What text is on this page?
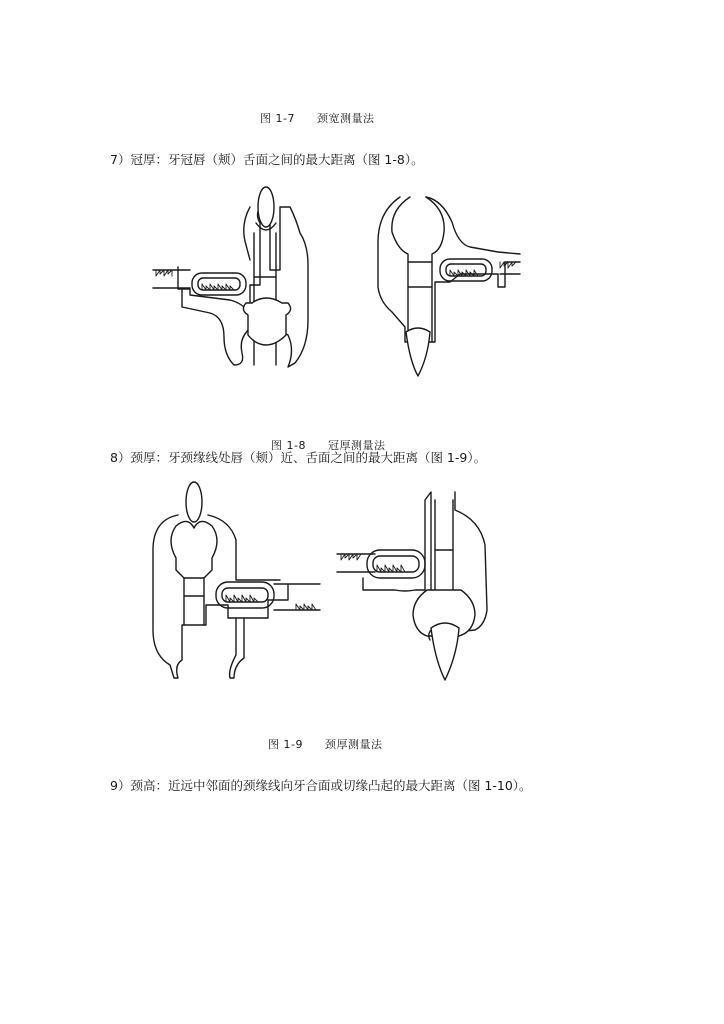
图 1-7 颈宽测量法

7）冠厚：牙冠唇（颊）舌面之间的最大距离（图 1-8）。

图 1-8 冠厚测量法

8）颈厚：牙颈缘线处唇（颊）近、舌面之间的最大距离（图 1-9）。

图 1-9 颈厚测量法

9）颈高：近远中邻面的颈缘线向牙合面或切缘凸起的最大距离（图 1-10）。
